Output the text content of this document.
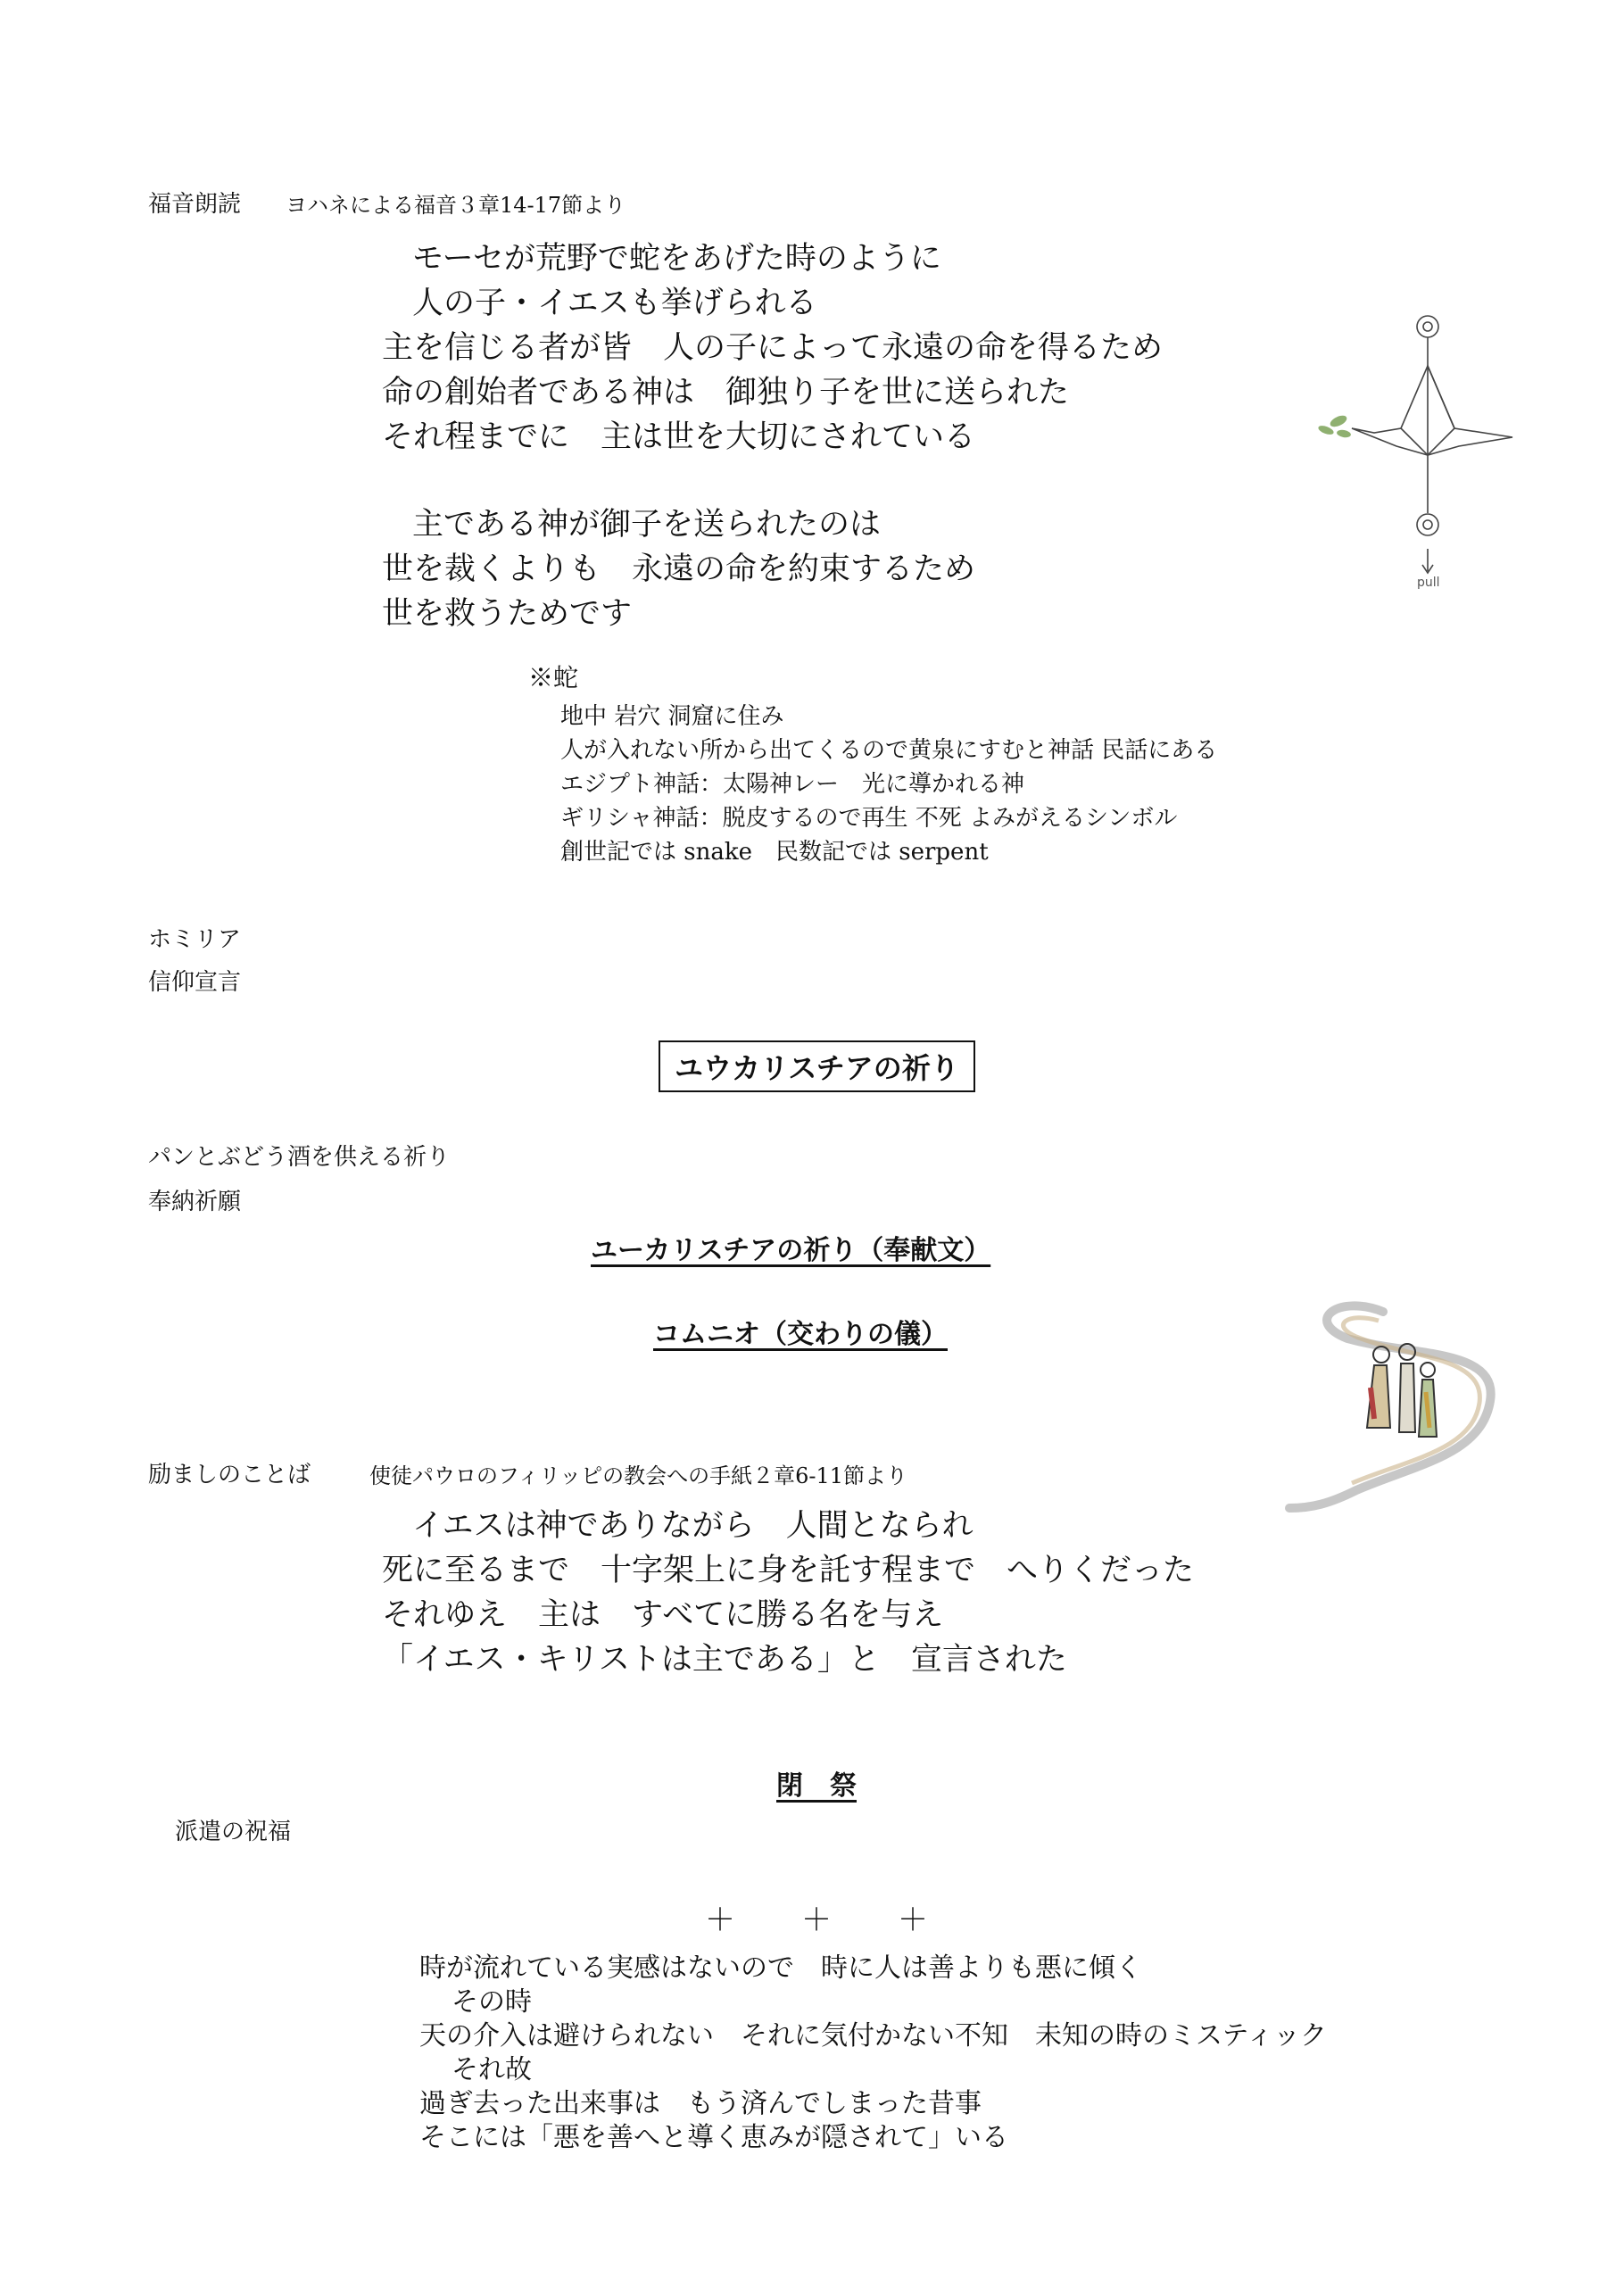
福音朗読 ヨハネによる福音３章14-17節より
モーセが荒野で蛇をあげた時のように
人の子・イエスも挙げられる
主を信じる者が皆　人の子によって永遠の命を得るため
命の創始者である神は　御独り子を世に送られた
それ程までに　主は世を大切にされている
主である神が御子を送られたのは
世を裁くよりも　永遠の命を約束するため
世を救うためです
pull
※蛇
地中 岩穴 洞窟に住み
人が入れない所から出てくるので黄泉にすむと神話 民話にある
エジプト神話：太陽神レー　光に導かれる神
ギリシャ神話：脱皮するので再生 不死 よみがえるシンボル
創世記では snake　民数記では serpent
ホミリア
信仰宣言
ユウカリスチアの祈り
パンとぶどう酒を供える祈り
奉納祈願
ユーカリスチアの祈り（奉献文）
コムニオ（交わりの儀）
励ましのことば	使徒パウロのフィリッピの教会への手紙２章6-11節より
イエスは神でありながら　人間となられ
死に至るまで　十字架上に身を託す程まで　へりくだった
それゆえ　主は　すべてに勝る名を与え
「イエス・キリストは主である」と　宣言された
閉　祭
派遣の祝福
＋　　＋　　＋
時が流れている実感はないので　時に人は善よりも悪に傾く
その時
天の介入は避けられない　それに気付かない不知　未知の時のミスティック
それ故
過ぎ去った出来事は　もう済んでしまった昔事
そこには「悪を善へと導く恵みが隠されて」いる
